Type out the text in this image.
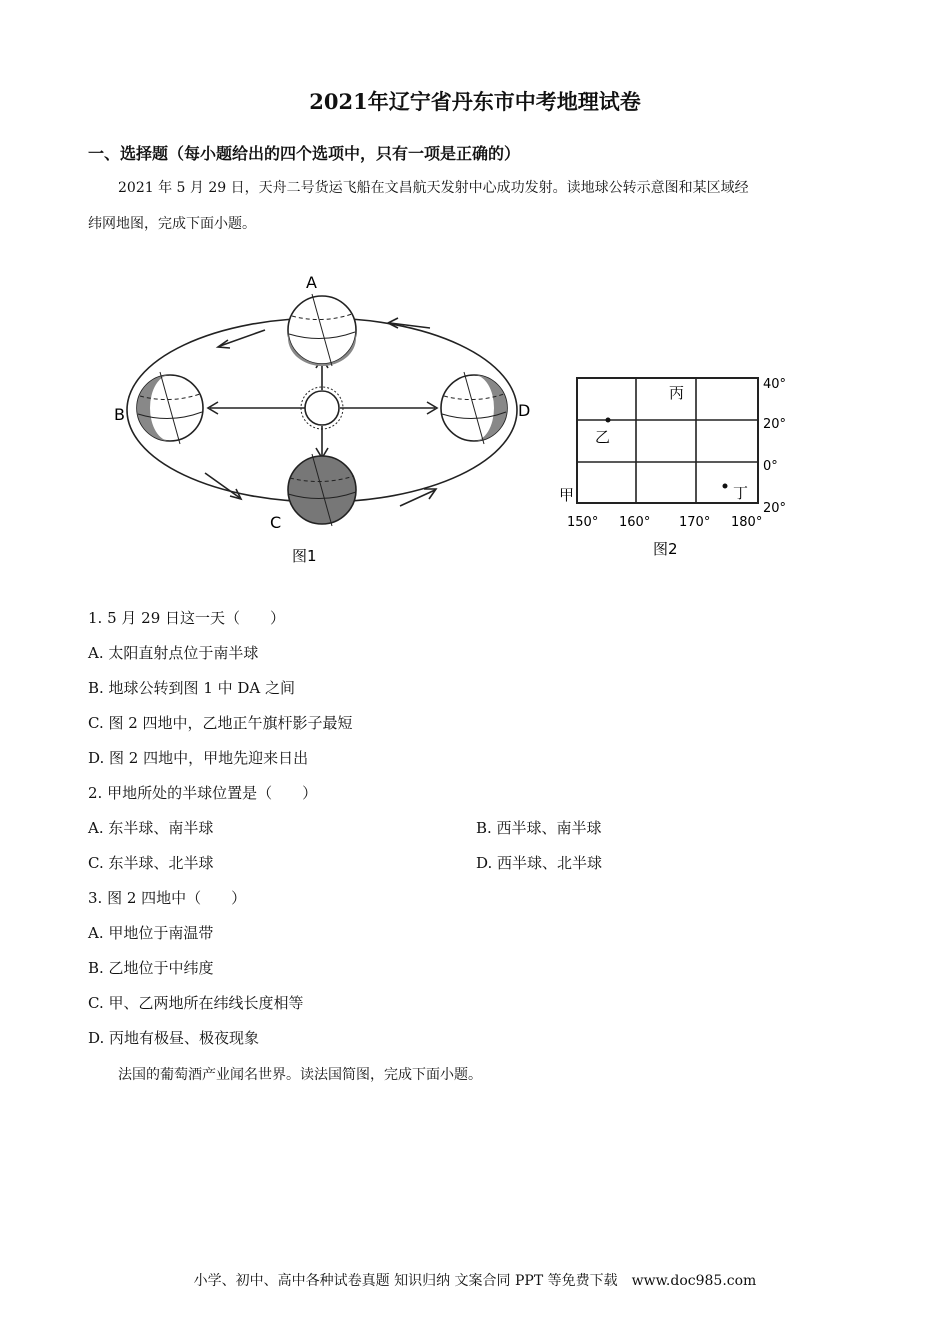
2021年辽宁省丹东市中考地理试卷
一、选择题（每小题给出的四个选项中，只有一项是正确的）
2021 年 5 月 29 日，天舟二号货运飞船在文昌航天发射中心成功发射。读地球公转示意图和某区域经
纬网地图，完成下面小题。
A
B
C
D
图1
40°
20°
0°
20°
150° 160° 170° 180°
丙
乙
丁
甲
图2
1. 5 月 29 日这一天（　　）
A. 太阳直射点位于南半球
B. 地球公转到图 1 中 DA 之间
C. 图 2 四地中，乙地正午旗杆影子最短
D. 图 2 四地中，甲地先迎来日出
2. 甲地所处的半球位置是（　　）
A. 东半球、南半球	B. 西半球、南半球
C. 东半球、北半球	D. 西半球、北半球
3. 图 2 四地中（　　）
A. 甲地位于南温带
B. 乙地位于中纬度
C. 甲、乙两地所在纬线长度相等
D. 丙地有极昼、极夜现象
法国的葡萄酒产业闻名世界。读法国简图，完成下面小题。
小学、初中、高中各种试卷真题 知识归纳 文案合同 PPT 等免费下载　www.doc985.com
